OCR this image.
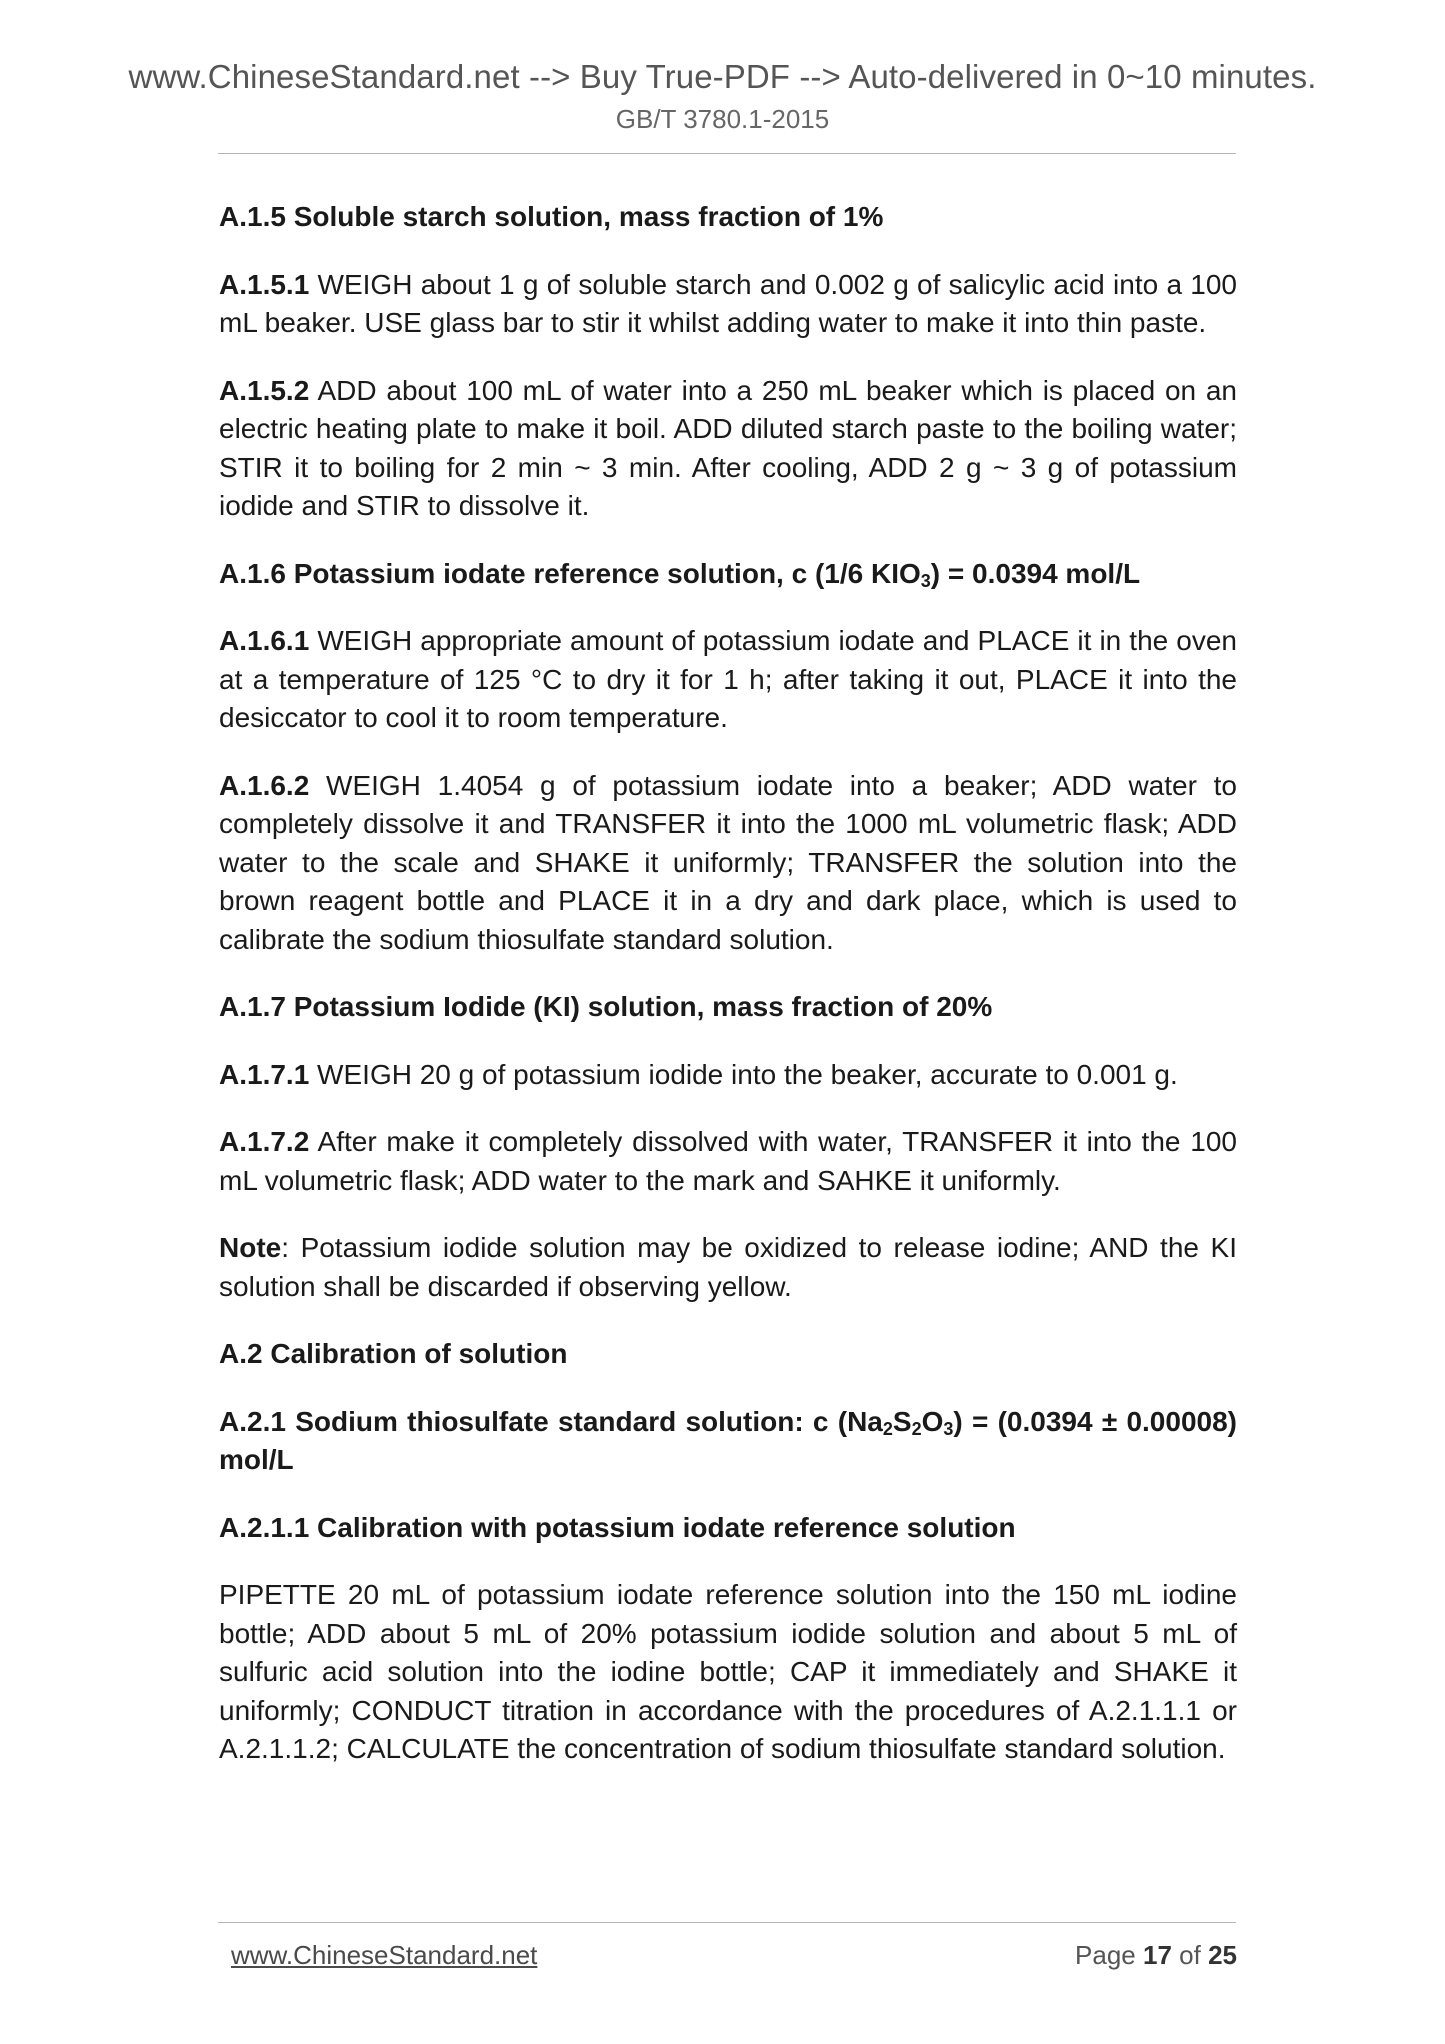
www.ChineseStandard.net --> Buy True-PDF --> Auto-delivered in 0~10 minutes.
GB/T 3780.1-2015

A.1.5 Soluble starch solution, mass fraction of 1%

A.1.5.1 WEIGH about 1 g of soluble starch and 0.002 g of salicylic acid into a 100 mL beaker. USE glass bar to stir it whilst adding water to make it into thin paste.

A.1.5.2 ADD about 100 mL of water into a 250 mL beaker which is placed on an electric heating plate to make it boil. ADD diluted starch paste to the boiling water; STIR it to boiling for 2 min ~ 3 min. After cooling, ADD 2 g ~ 3 g of potassium iodide and STIR to dissolve it.

A.1.6 Potassium iodate reference solution, c (1/6 $KIO_3) = 0.0394$ mol/L

A.1.6.1 WEIGH appropriate amount of potassium iodate and PLACE it in the oven at a temperature of 125 °C to dry it for 1 h; after taking it out, PLACE it into the desiccator to cool it to room temperature.

A.1.6.2 WEIGH 1.4054 g of potassium iodate into a beaker; ADD water to completely dissolve it and TRANSFER it into the 1000 mL volumetric flask; ADD water to the scale and SHAKE it uniformly; TRANSFER the solution into the brown reagent bottle and PLACE it in a dry and dark place, which is used to calibrate the sodium thiosulfate standard solution.

A.1.7 Potassium Iodide (KI) solution, mass fraction of 20%

A.1.7.1 WEIGH 20 g of potassium iodide into the beaker, accurate to 0.001 g.

A.1.7.2 After make it completely dissolved with water, TRANSFER it into the 100 mL volumetric flask; ADD water to the mark and SAHKE it uniformly.

Note: Potassium iodide solution may be oxidized to release iodine; AND the KI solution shall be discarded if observing yellow.

A.2 Calibration of solution

A.2.1 Sodium thiosulfate standard solution: c $(Na_2S_2O_3) = (0.0394 \pm 0.00008)$ mol/L

A.2.1.1 Calibration with potassium iodate reference solution

PIPETTE 20 mL of potassium iodate reference solution into the 150 mL iodine bottle; ADD about 5 mL of 20% potassium iodide solution and about 5 mL of sulfuric acid solution into the iodine bottle; CAP it immediately and SHAKE it uniformly; CONDUCT titration in accordance with the procedures of A.2.1.1.1 or A.2.1.1.2; CALCULATE the concentration of sodium thiosulfate standard solution.

www.ChineseStandard.net	Page 17 of 25
